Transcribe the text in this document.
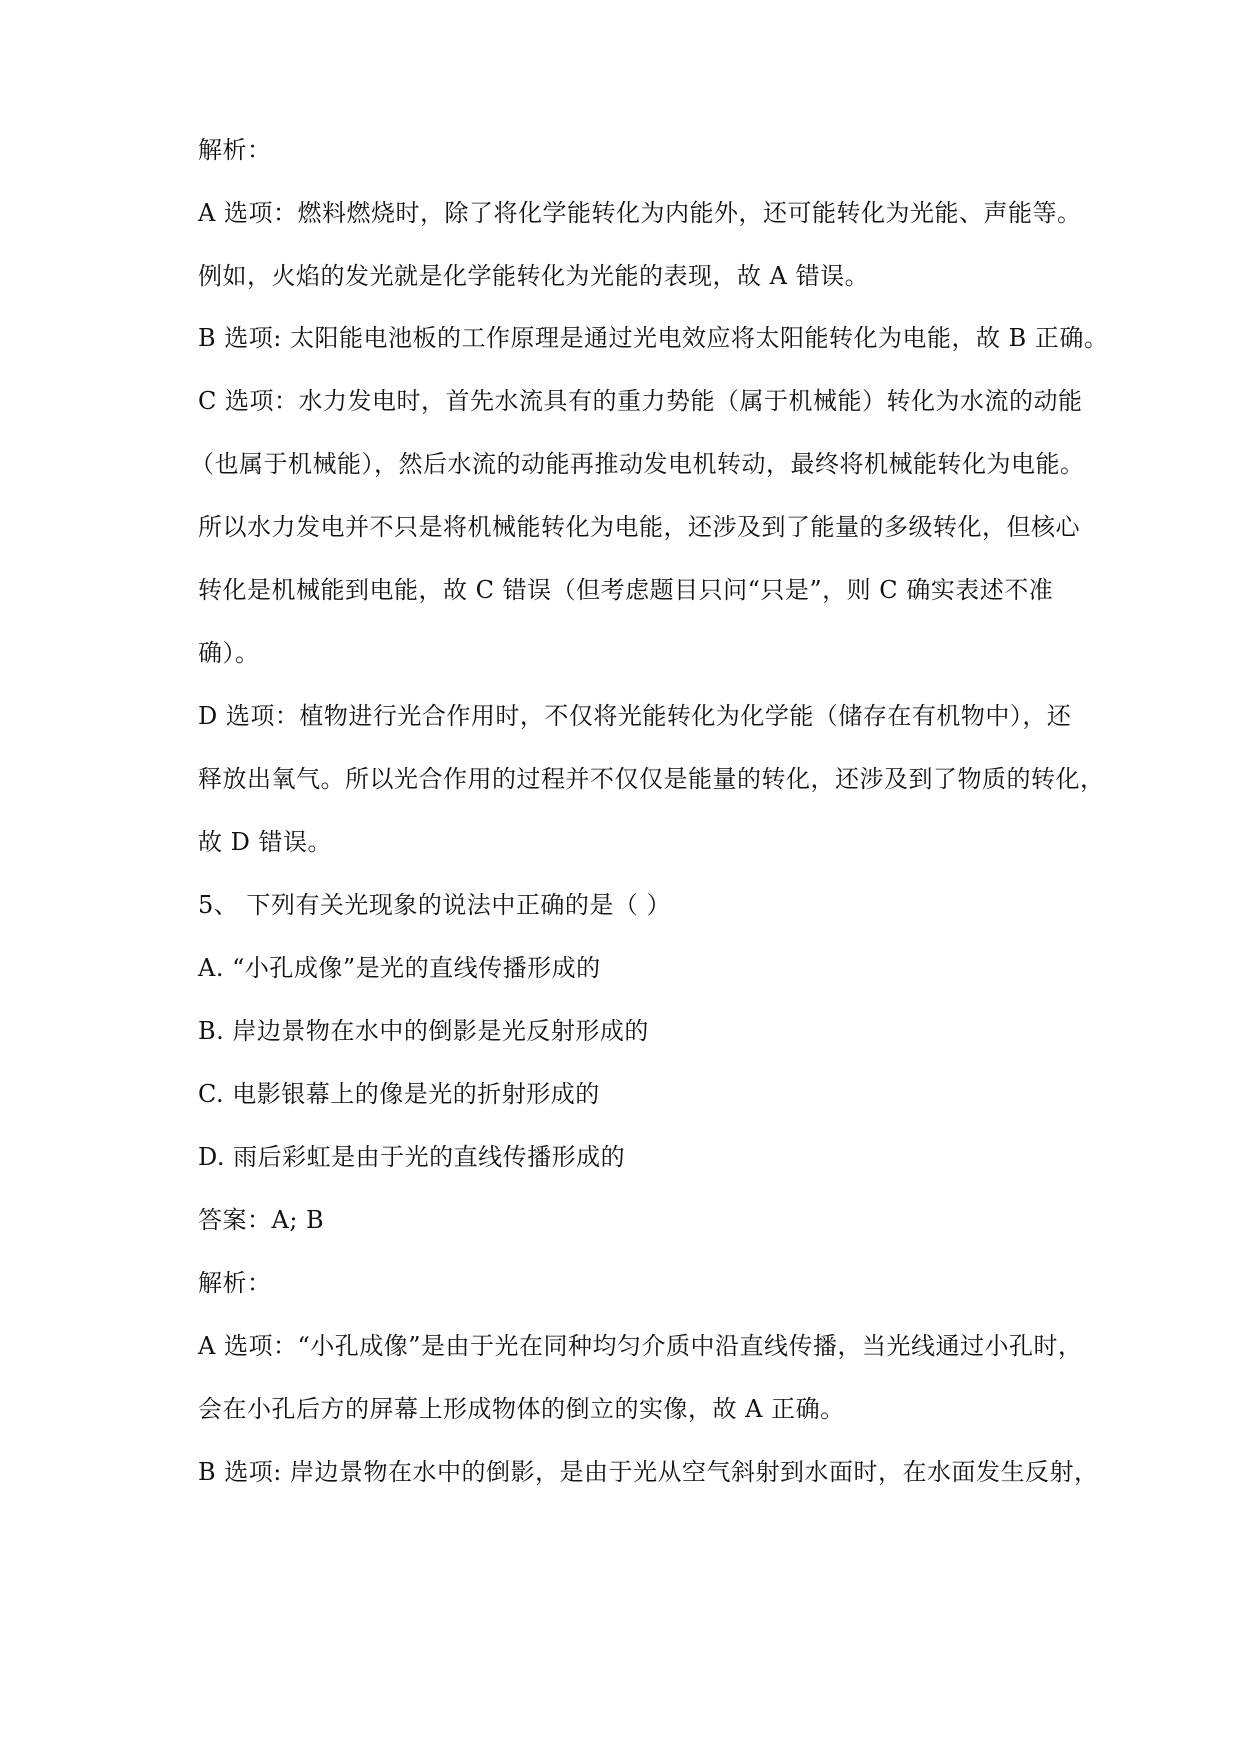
解析：
A 选项：燃料燃烧时，除了将化学能转化为内能外，还可能转化为光能、声能等。
例如，火焰的发光就是化学能转化为光能的表现，故 A 错误。
B 选项: 太阳能电池板的工作原理是通过光电效应将太阳能转化为电能，故 B 正确。
C 选项：水力发电时，首先水流具有的重力势能（属于机械能）转化为水流的动能
（也属于机械能），然后水流的动能再推动发电机转动，最终将机械能转化为电能。
所以水力发电并不只是将机械能转化为电能，还涉及到了能量的多级转化，但核心
转化是机械能到电能，故 C 错误（但考虑题目只问“只是”，则 C 确实表述不准
确）。
D 选项：植物进行光合作用时，不仅将光能转化为化学能（储存在有机物中），还
释放出氧气。所以光合作用的过程并不仅仅是能量的转化，还涉及到了物质的转化，
故 D 错误。
5、 下列有关光现象的说法中正确的是（ ）
A. “小孔成像”是光的直线传播形成的
B. 岸边景物在水中的倒影是光反射形成的
C. 电影银幕上的像是光的折射形成的
D. 雨后彩虹是由于光的直线传播形成的
答案：A; B
解析：
A 选项：“小孔成像”是由于光在同种均匀介质中沿直线传播，当光线通过小孔时，
会在小孔后方的屏幕上形成物体的倒立的实像，故 A 正确。
B 选项: 岸边景物在水中的倒影，是由于光从空气斜射到水面时，在水面发生反射，
